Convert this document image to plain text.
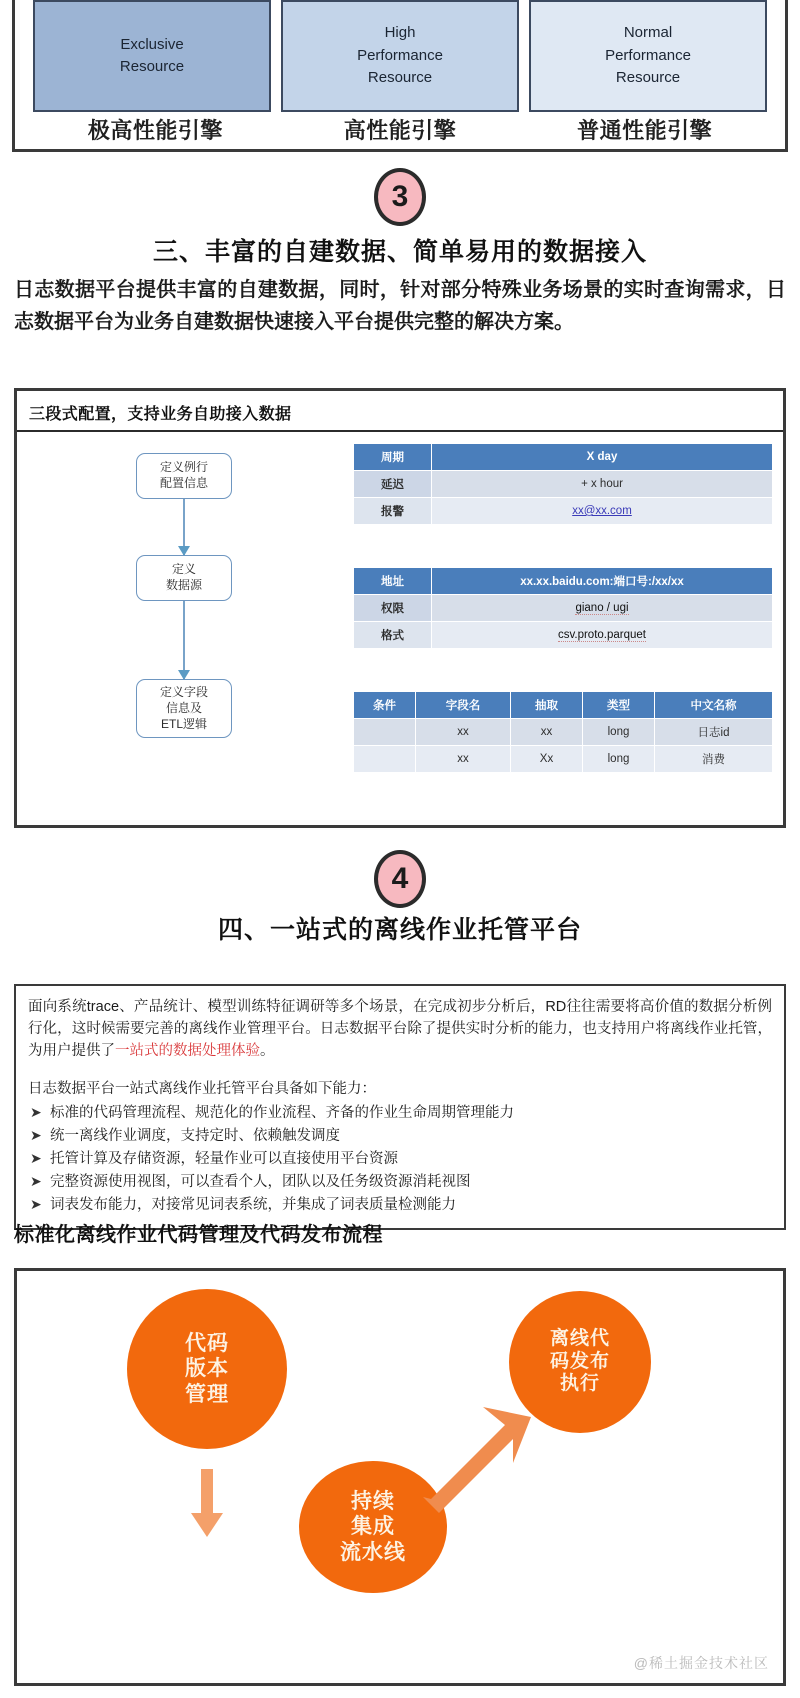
Exclusive
Resource
High
Performance
Resource
Normal
Performance
Resource
极高性能引擎	高性能引擎	普通性能引擎
3
三、丰富的自建数据、简单易用的数据接入
日志数据平台提供丰富的自建数据，同时，针对部分特殊业务场景的实时查询需求，日志数据平台为业务自建数据快速接入平台提供完整的解决方案。
三段式配置，支持业务自助接入数据
定义例行
配置信息
定义
数据源
定义字段
信息及
ETL逻辑
周期	X day
延迟	+ x hour
报警	xx@xx.com
地址	xx.xx.baidu.com:端口号:/xx/xx
权限	giano / ugi
格式	csv.proto.parquet
条件	字段名	抽取	类型	中文名称
	xx	xx	long	日志id
	xx	Xx	long	消费
4
四、一站式的离线作业托管平台

面向系统trace、产品统计、模型训练特征调研等多个场景，在完成初步分析后，RD往往需要将高价值的数据分析例行化，这时候需要完善的离线作业管理平台。日志数据平台除了提供实时分析的能力，也支持用户将离线作业托管，为用户提供了一站式的数据处理体验。

日志数据平台一站式离线作业托管平台具备如下能力：

➤ 标准的代码管理流程、规范化的作业流程、齐备的作业生命周期管理能力
➤ 统一离线作业调度，支持定时、依赖触发调度
➤ 托管计算及存储资源，轻量作业可以直接使用平台资源
➤ 完整资源使用视图，可以查看个人，团队以及任务级资源消耗视图
➤ 词表发布能力，对接常见词表系统，并集成了词表质量检测能力
标准化离线作业代码管理及代码发布流程
代码
版本
管理
离线代
码发布
执行
持续
集成
流水线
@稀土掘金技术社区
